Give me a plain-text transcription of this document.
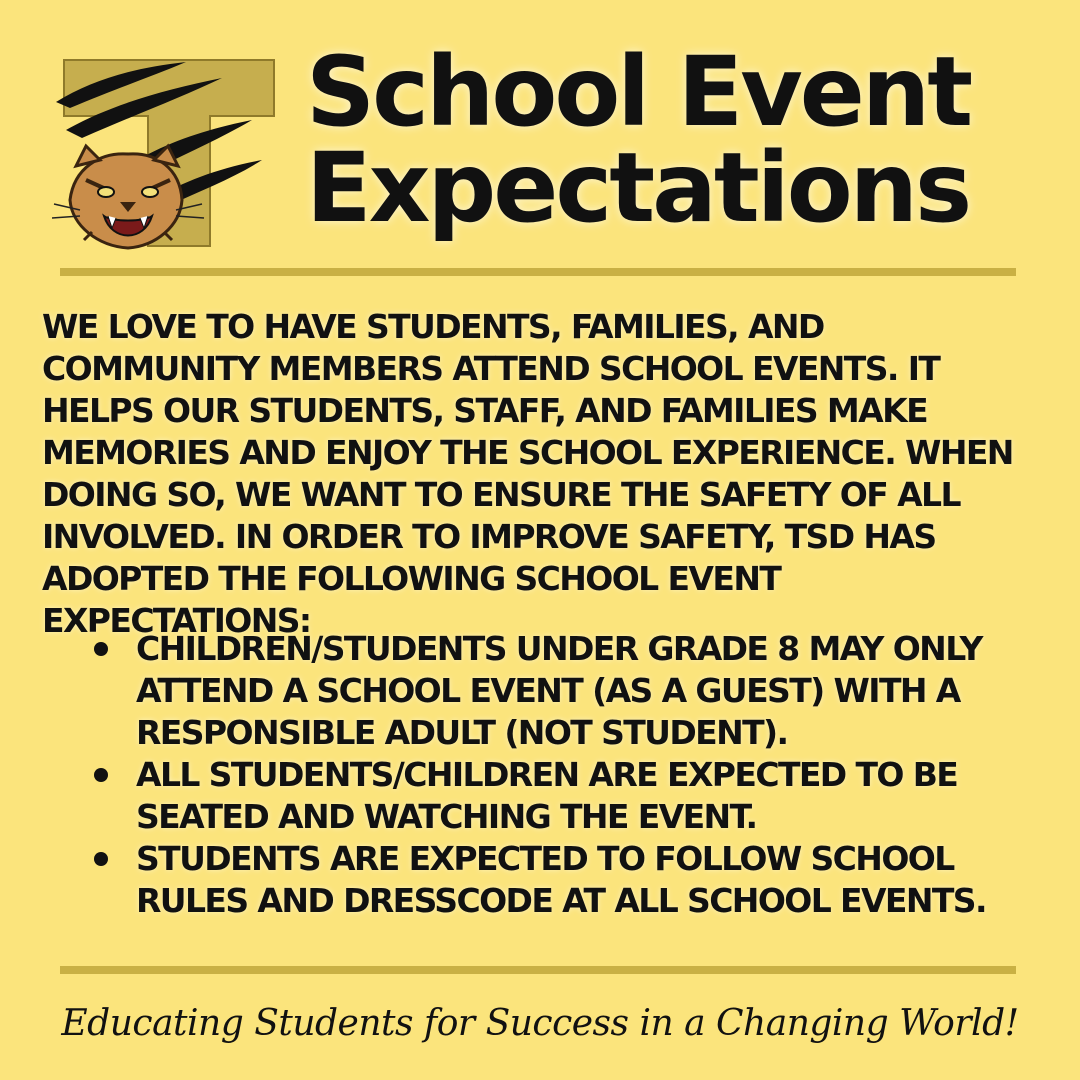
School Event
Expectations

WE LOVE TO HAVE STUDENTS, FAMILIES, AND COMMUNITY MEMBERS ATTEND SCHOOL EVENTS. IT HELPS OUR STUDENTS, STAFF, AND FAMILIES MAKE MEMORIES AND ENJOY THE SCHOOL EXPERIENCE. WHEN DOING SO, WE WANT TO ENSURE THE SAFETY OF ALL INVOLVED. IN ORDER TO IMPROVE SAFETY, TSD HAS ADOPTED THE FOLLOWING SCHOOL EVENT EXPECTATIONS:

CHILDREN/STUDENTS UNDER GRADE 8 MAY ONLY ATTEND A SCHOOL EVENT (AS A GUEST) WITH A RESPONSIBLE ADULT (NOT STUDENT).
ALL STUDENTS/CHILDREN ARE EXPECTED TO BE SEATED AND WATCHING THE EVENT.
STUDENTS ARE EXPECTED TO FOLLOW SCHOOL RULES AND DRESSCODE AT ALL SCHOOL EVENTS.

Educating Students for Success in a Changing World!
